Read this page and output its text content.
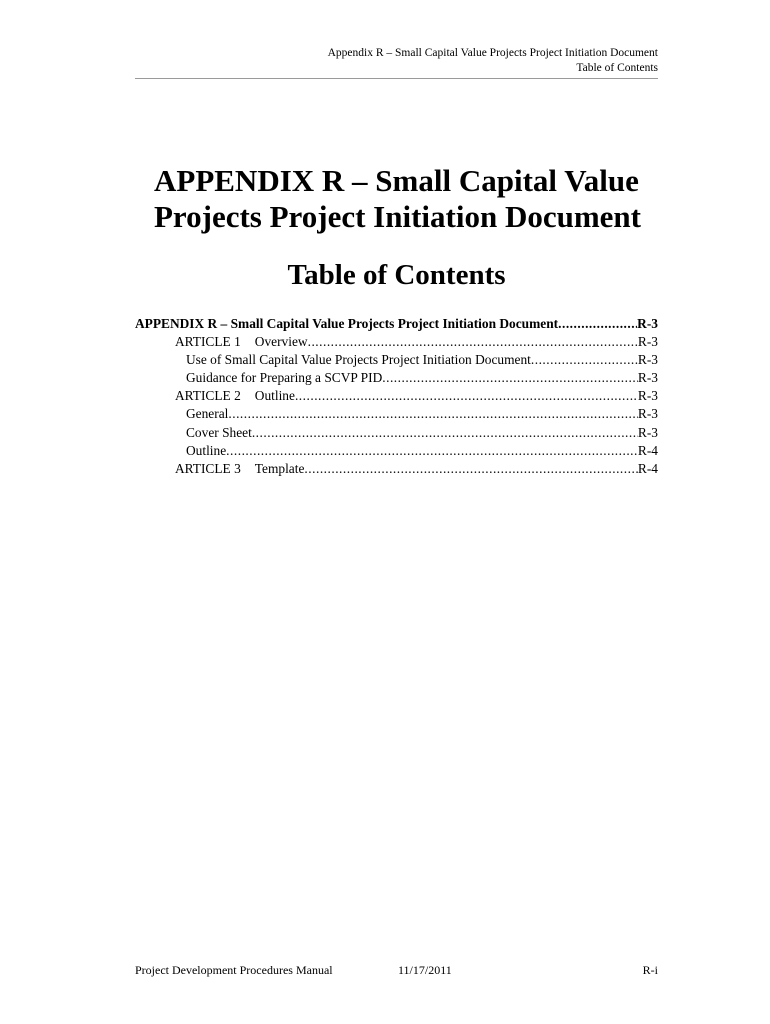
Appendix R – Small Capital Value Projects Project Initiation Document
Table of Contents
APPENDIX R – Small Capital Value
Projects Project Initiation Document
Table of Contents
APPENDIX R – Small Capital Value Projects Project Initiation Document .....	R-3
ARTICLE 1 Overview .....	R-3
Use of Small Capital Value Projects Project Initiation Document .....	R-3
Guidance for Preparing a SCVP PID .....	R-3
ARTICLE 2 Outline .....	R-3
General .....	R-3
Cover Sheet .....	R-3
Outline .....	R-4
ARTICLE 3 Template .....	R-4
Project Development Procedures Manual	11/17/2011	R-i
